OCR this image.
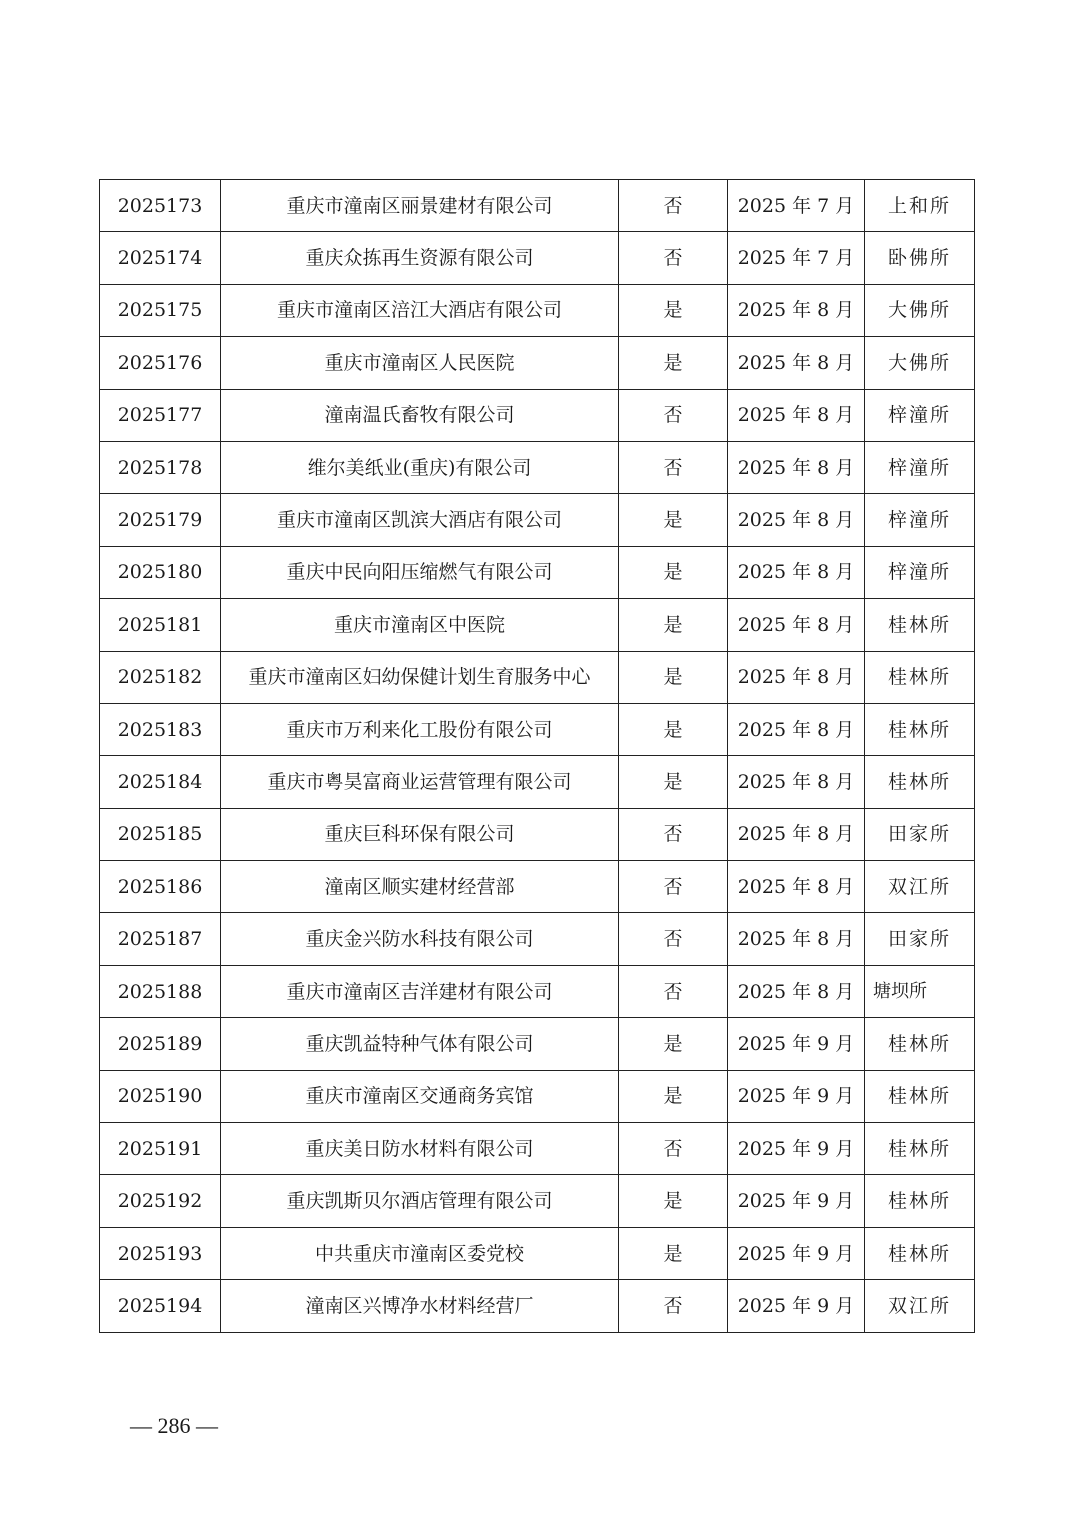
2025173	重庆市潼南区丽景建材有限公司	否	2025 年 7 月	上和所
2025174	重庆众拣再生资源有限公司	否	2025 年 7 月	卧佛所
2025175	重庆市潼南区涪江大酒店有限公司	是	2025 年 8 月	大佛所
2025176	重庆市潼南区人民医院	是	2025 年 8 月	大佛所
2025177	潼南温氏畜牧有限公司	否	2025 年 8 月	梓潼所
2025178	维尔美纸业(重庆)有限公司	否	2025 年 8 月	梓潼所
2025179	重庆市潼南区凯滨大酒店有限公司	是	2025 年 8 月	梓潼所
2025180	重庆中民向阳压缩燃气有限公司	是	2025 年 8 月	梓潼所
2025181	重庆市潼南区中医院	是	2025 年 8 月	桂林所
2025182	重庆市潼南区妇幼保健计划生育服务中心	是	2025 年 8 月	桂林所
2025183	重庆市万利来化工股份有限公司	是	2025 年 8 月	桂林所
2025184	重庆市粤昊富商业运营管理有限公司	是	2025 年 8 月	桂林所
2025185	重庆巨科环保有限公司	否	2025 年 8 月	田家所
2025186	潼南区顺实建材经营部	否	2025 年 8 月	双江所
2025187	重庆金兴防水科技有限公司	否	2025 年 8 月	田家所
2025188	重庆市潼南区吉洋建材有限公司	否	2025 年 8 月	塘坝所
2025189	重庆凯益特种气体有限公司	是	2025 年 9 月	桂林所
2025190	重庆市潼南区交通商务宾馆	是	2025 年 9 月	桂林所
2025191	重庆美日防水材料有限公司	否	2025 年 9 月	桂林所
2025192	重庆凯斯贝尔酒店管理有限公司	是	2025 年 9 月	桂林所
2025193	中共重庆市潼南区委党校	是	2025 年 9 月	桂林所
2025194	潼南区兴博净水材料经营厂	否	2025 年 9 月	双江所
— 286 —
